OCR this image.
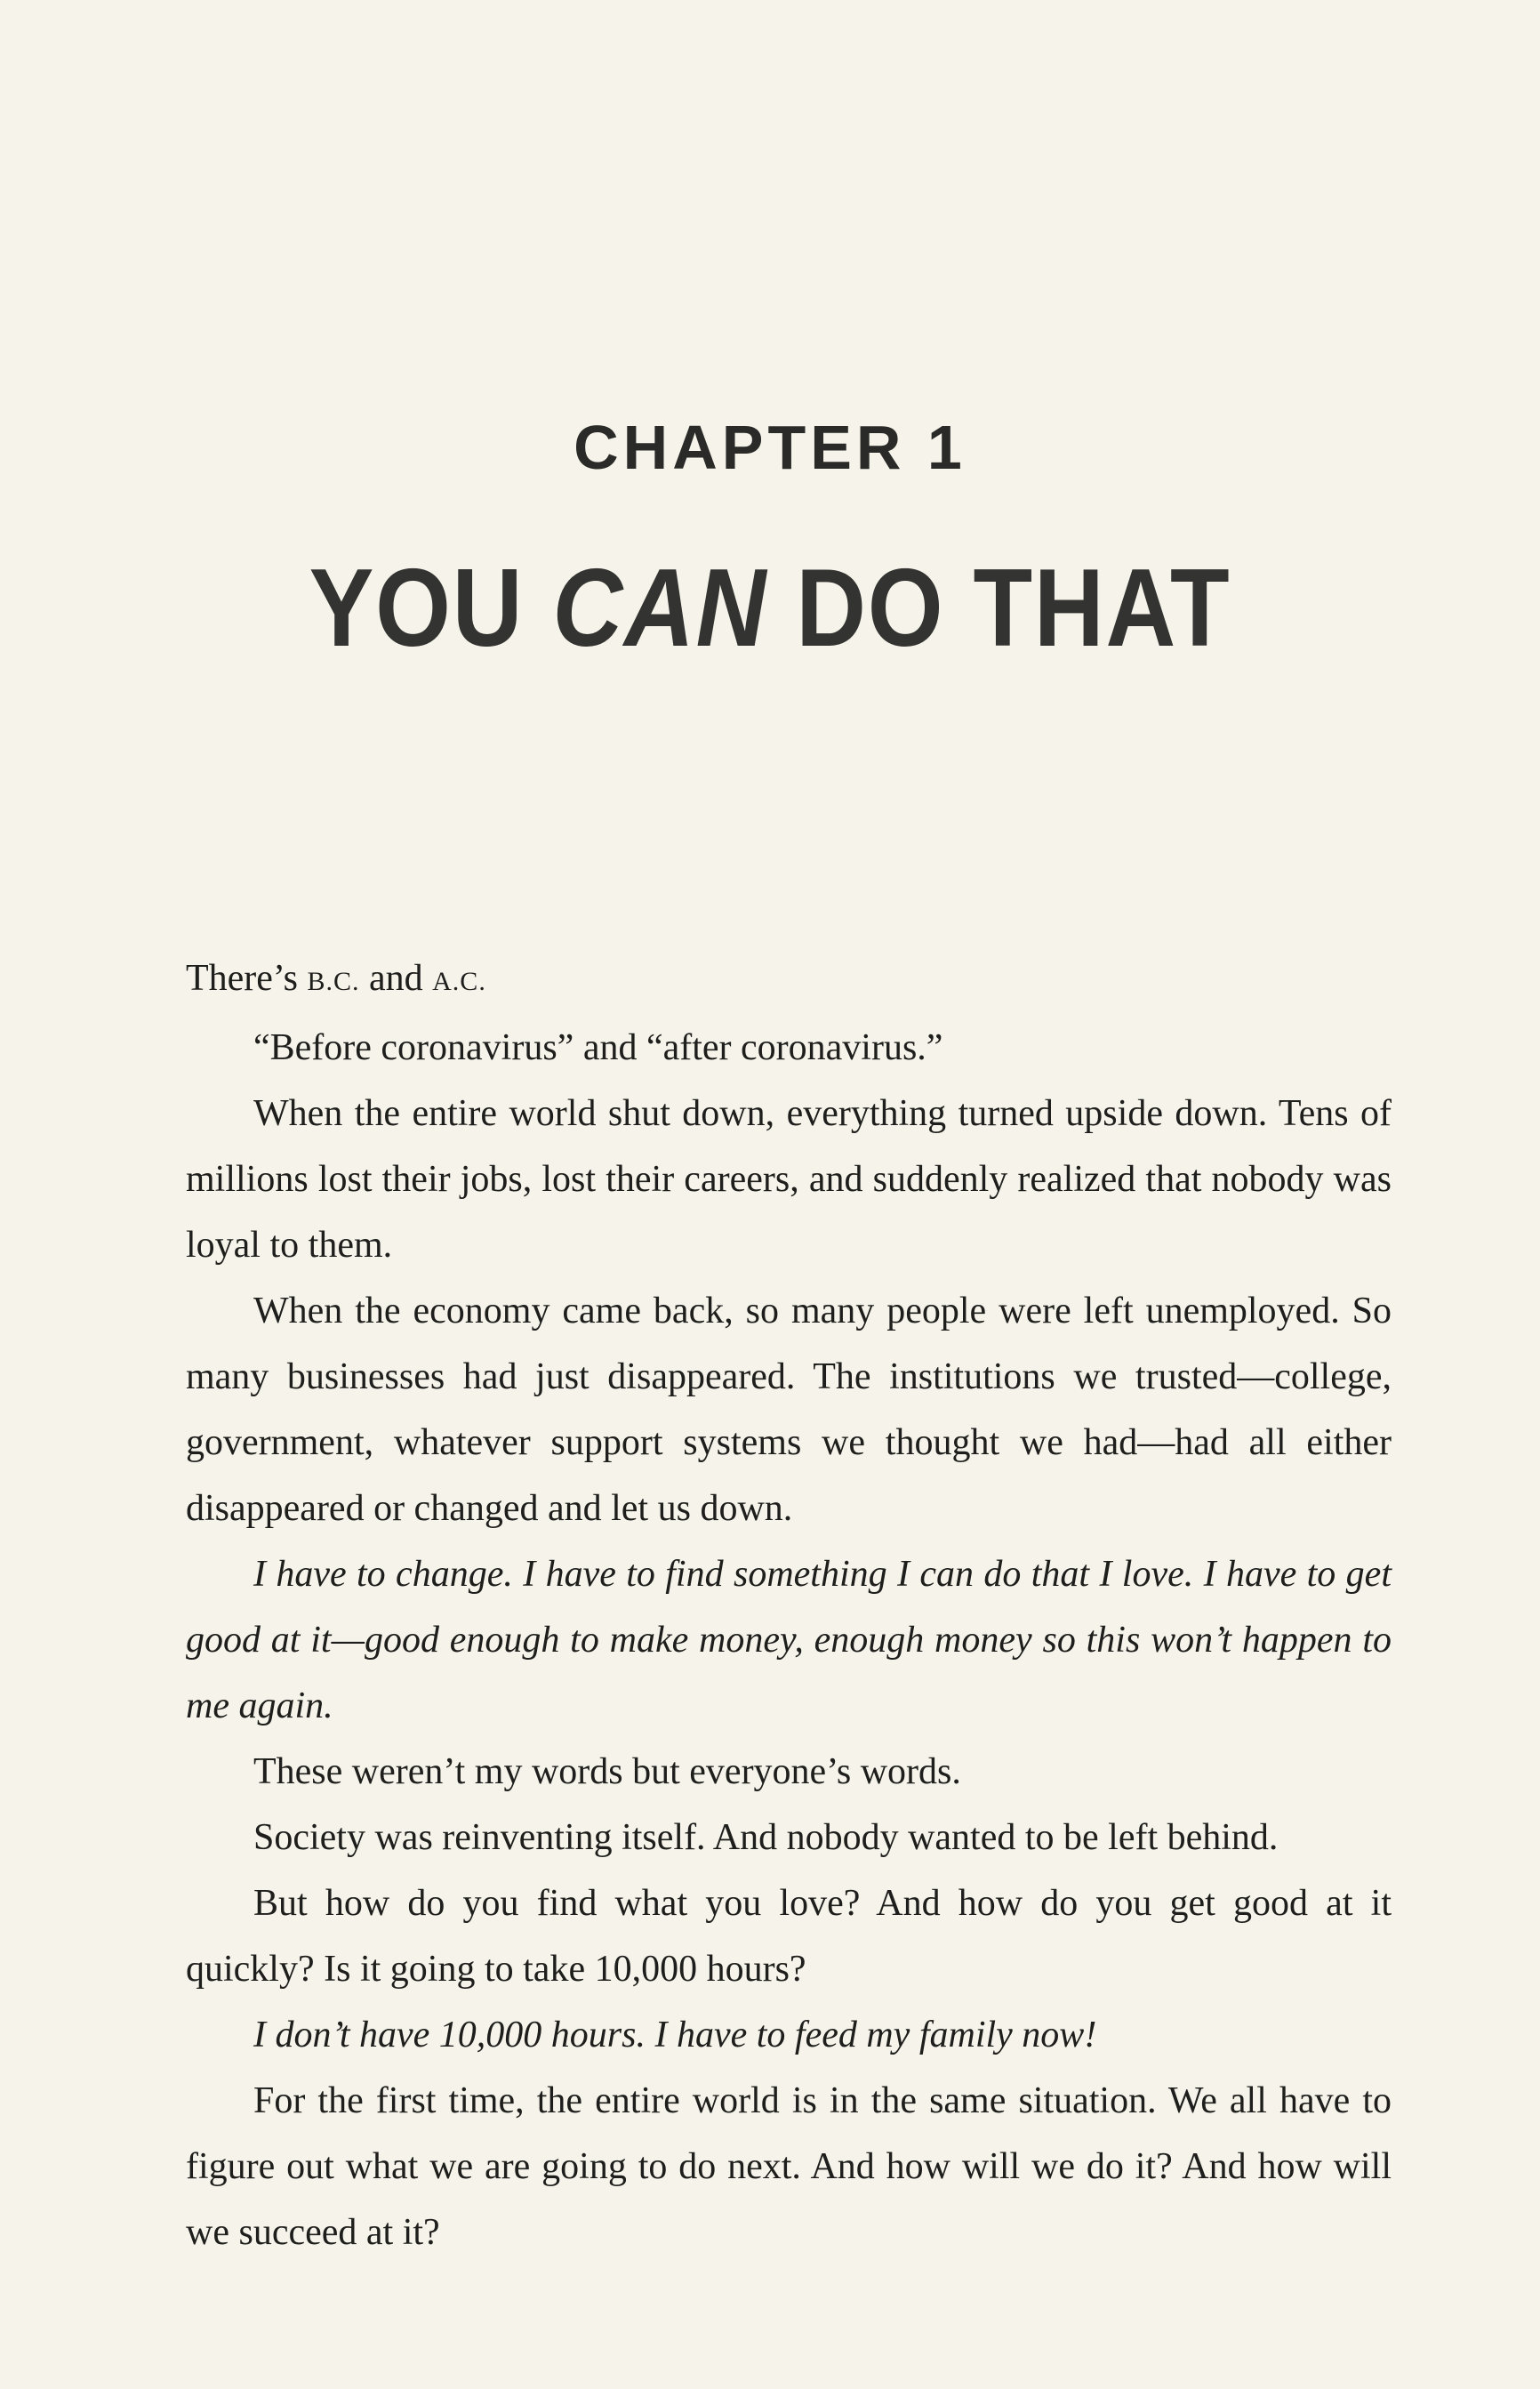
CHAPTER 1
YOU CAN DO THAT

There’s B.C. and A.C.

“Before coronavirus” and “after coronavirus.”

When the entire world shut down, everything turned upside down. Tens of millions lost their jobs, lost their careers, and suddenly realized that nobody was loyal to them.

When the economy came back, so many people were left unemployed. So many businesses had just disappeared. The institutions we trusted—college, government, whatever support systems we thought we had—had all either disappeared or changed and let us down.

I have to change. I have to find something I can do that I love. I have to get good at it—good enough to make money, enough money so this won’t happen to me again.

These weren’t my words but everyone’s words.

Society was reinventing itself. And nobody wanted to be left behind.

But how do you find what you love? And how do you get good at it quickly? Is it going to take 10,000 hours?

I don’t have 10,000 hours. I have to feed my family now!

For the first time, the entire world is in the same situation. We all have to figure out what we are going to do next. And how will we do it? And how will we succeed at it?
